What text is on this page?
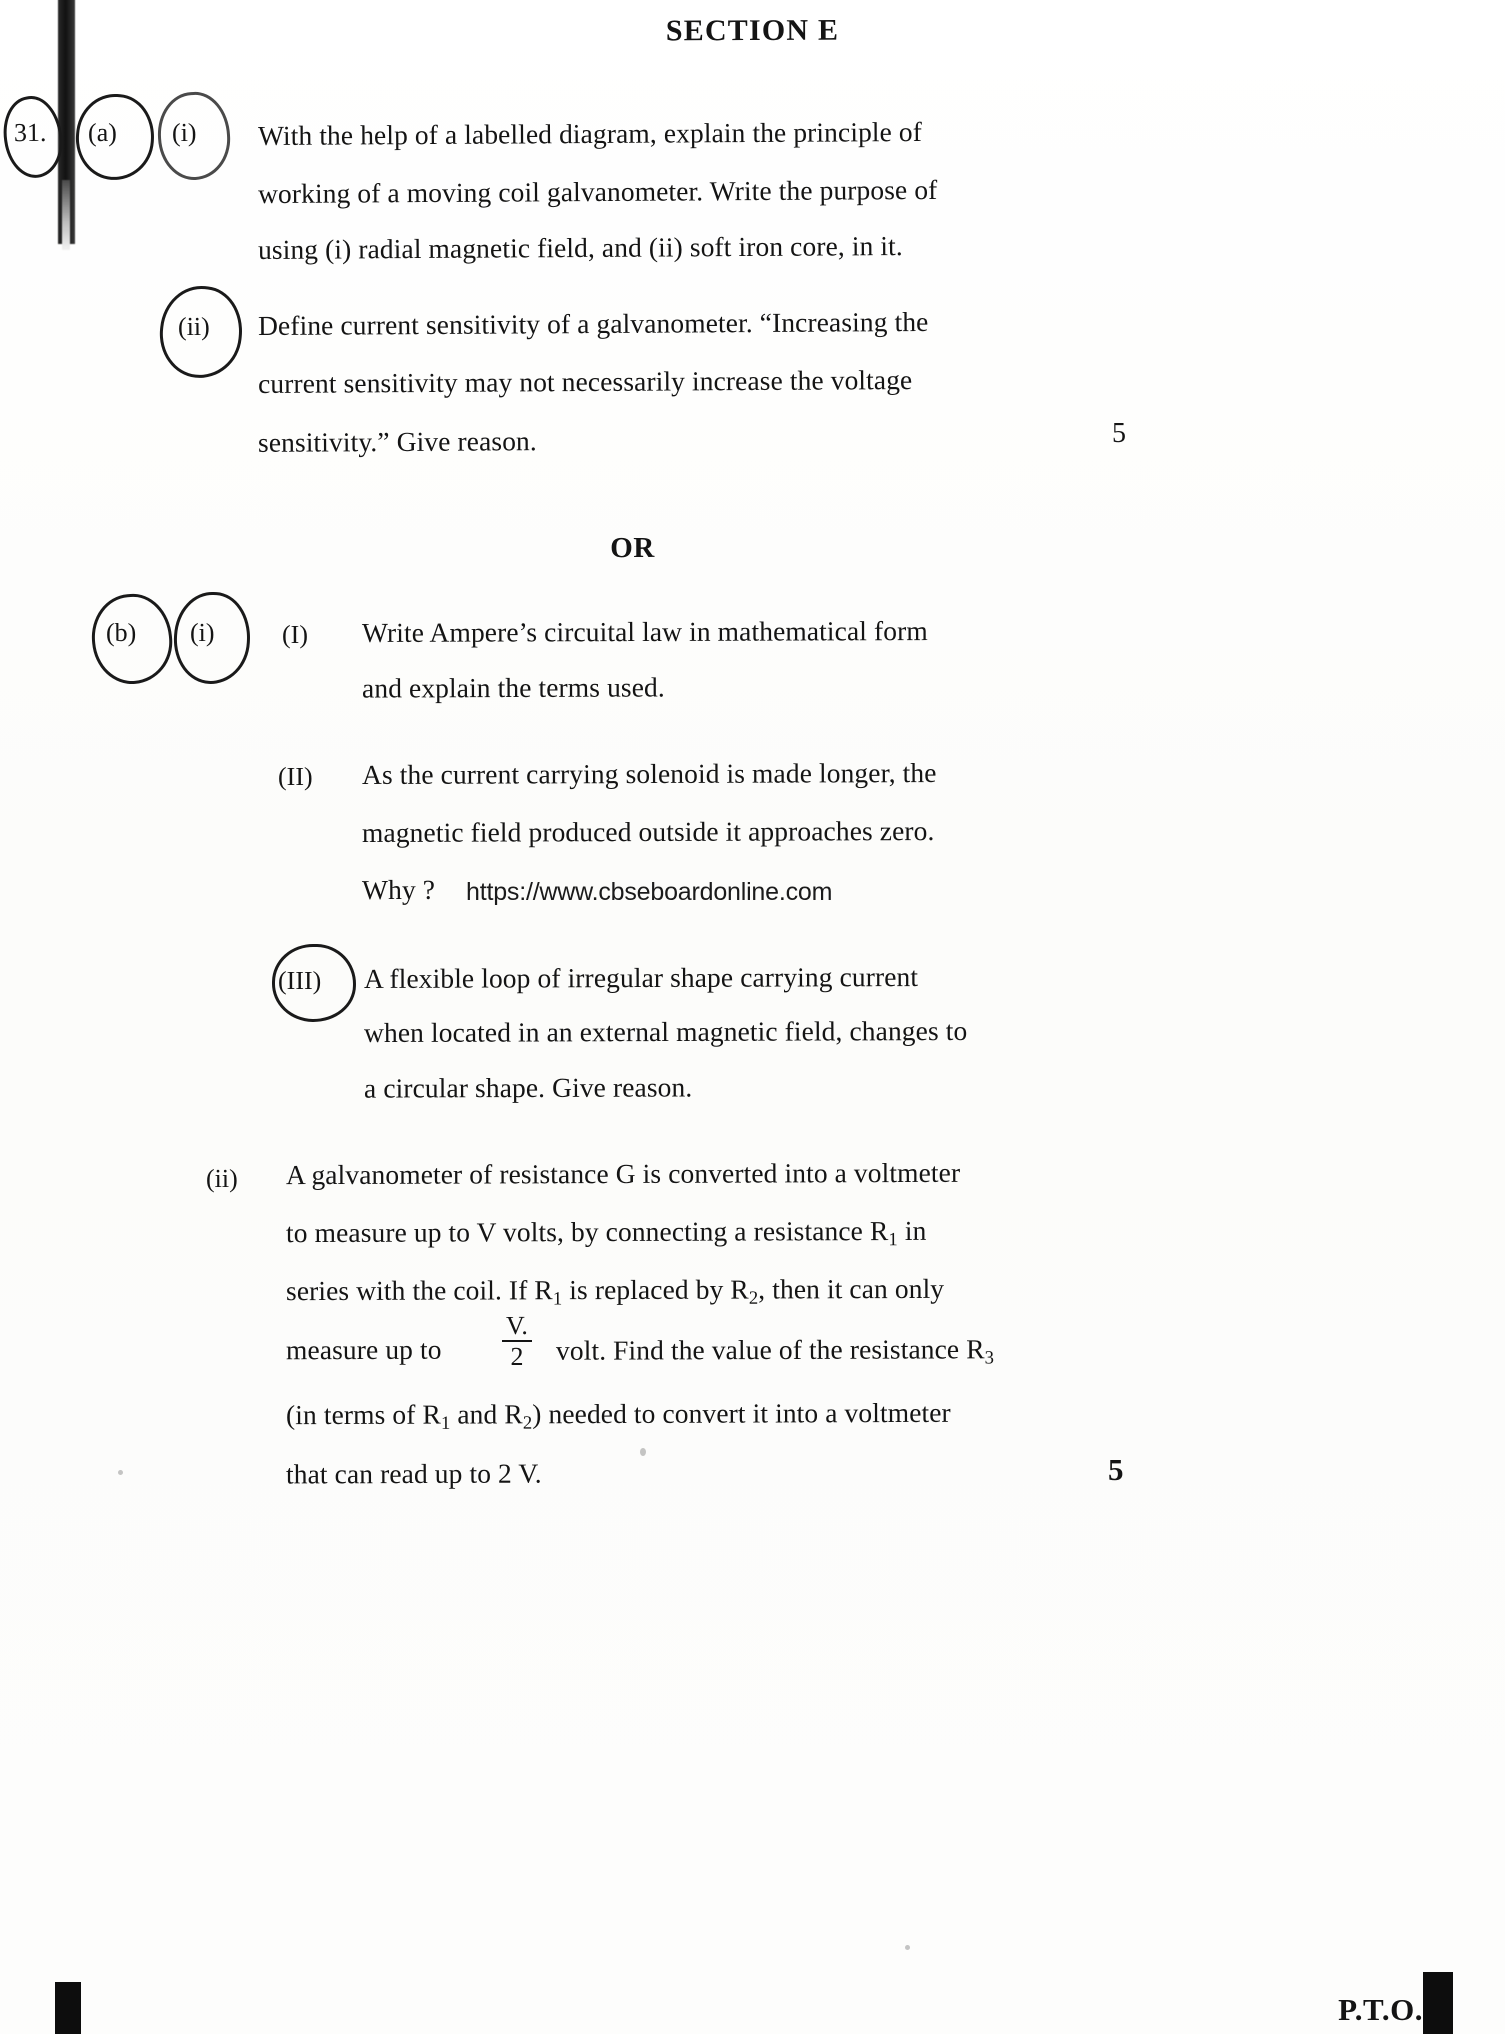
SECTION E
31. (a) (i) With the help of a labelled diagram, explain the principle of
working of a moving coil galvanometer. Write the purpose of
using (i) radial magnetic field, and (ii) soft iron core, in it.
(ii) Define current sensitivity of a galvanometer. “Increasing the
current sensitivity may not necessarily increase the voltage
sensitivity.” Give reason.	5
OR
(b) (i)	(I) Write Ampere’s circuital law in mathematical form
and explain the terms used.
(II) As the current carrying solenoid is made longer, the
magnetic field produced outside it approaches zero.
Why ? https://www.cbseboardonline.com
(III) A flexible loop of irregular shape carrying current
when located in an external magnetic field, changes to
a circular shape. Give reason.
(ii) A galvanometer of resistance G is converted into a voltmeter
to measure up to V volts, by connecting a resistance $R_1$ in
series with the coil. If $R_1$ is replaced by $R_2$, then it can only
measure up to
V.
2	volt. Find the value of the resistance $R_3$
(in terms of $R_1$ and $R_2$) needed to convert it into a voltmeter
that can read up to 2 V.	5
P.T.O.
